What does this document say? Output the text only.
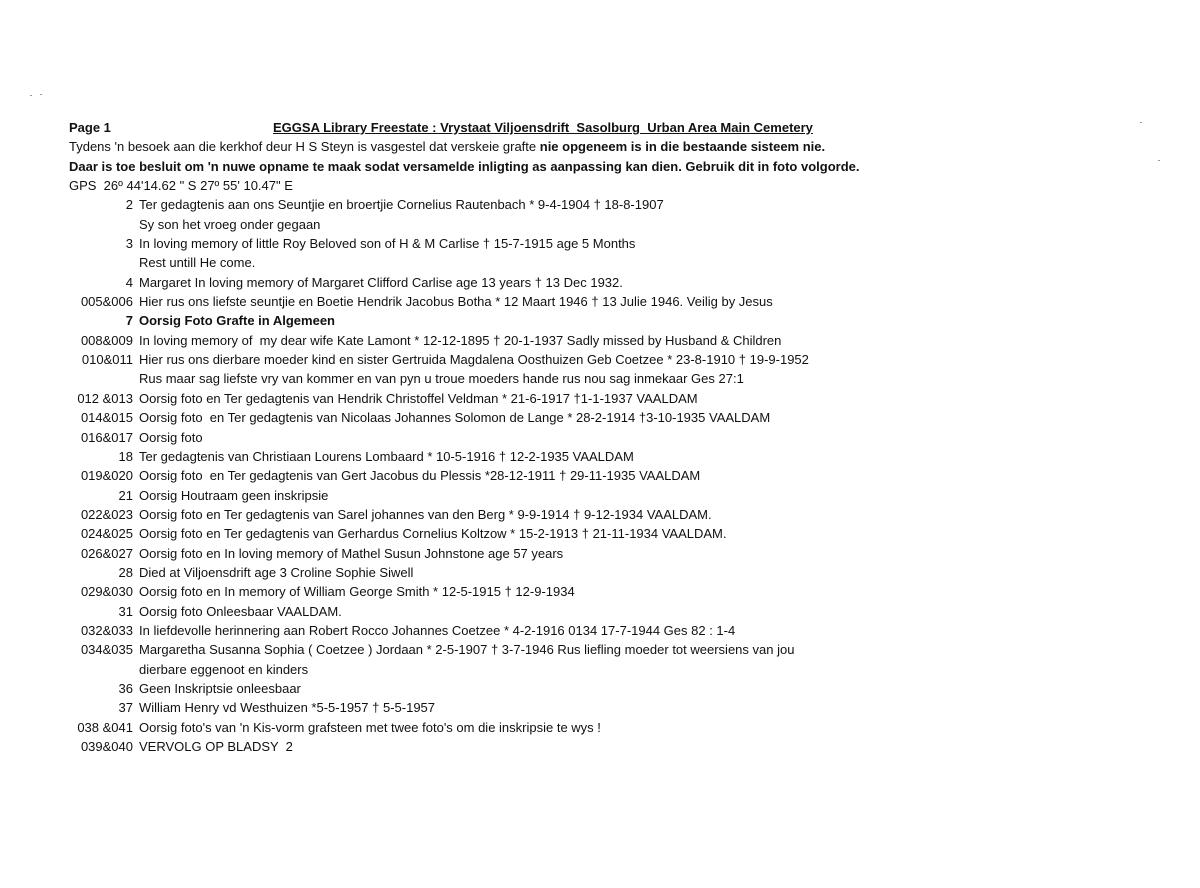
Page 1	EGGSA Library Freestate : Vrystaat Viljoensdrift  Sasolburg  Urban Area Main Cemetery
Tydens 'n besoek aan die kerkhof deur H S Steyn is vasgestel dat verskeie grafte nie opgeneem is in die bestaande sisteem nie.
Daar is toe besluit om 'n nuwe opname te maak sodat versamelde inligting as aanpassing kan dien. Gebruik dit in foto volgorde.
GPS  26º 44'14.62 " S 27º 55' 10.47" E
2 Ter gedagtenis aan ons Seuntjie en broertjie Cornelius Rautenbach * 9-4-1904 † 18-8-1907
Sy son het vroeg onder gegaan
3 In loving memory of little Roy Beloved son of H & M Carlise † 15-7-1915 age 5 Months
Rest untill He come.
4 Margaret In loving memory of Margaret Clifford Carlise age 13 years † 13 Dec 1932.
005&006 Hier rus ons liefste seuntjie en Boetie Hendrik Jacobus Botha * 12 Maart 1946 † 13 Julie 1946. Veilig by Jesus
7 Oorsig Foto Grafte in Algemeen
008&009 In loving memory of  my dear wife Kate Lamont * 12-12-1895 † 20-1-1937 Sadly missed by Husband & Children
010&011 Hier rus ons dierbare moeder kind en sister Gertruida Magdalena Oosthuizen Geb Coetzee * 23-8-1910 † 19-9-1952
Rus maar sag liefste vry van kommer en van pyn u troue moeders hande rus nou sag inmekaar Ges 27:1
012 &013 Oorsig foto en Ter gedagtenis van Hendrik Christoffel Veldman * 21-6-1917 †1-1-1937 VAALDAM
014&015 Oorsig foto  en Ter gedagtenis van Nicolaas Johannes Solomon de Lange * 28-2-1914 †3-10-1935 VAALDAM
016&017 Oorsig foto
18 Ter gedagtenis van Christiaan Lourens Lombaard * 10-5-1916 † 12-2-1935 VAALDAM
019&020 Oorsig foto  en Ter gedagtenis van Gert Jacobus du Plessis *28-12-1911 † 29-11-1935 VAALDAM
21 Oorsig Houtraam geen inskripsie
022&023 Oorsig foto en Ter gedagtenis van Sarel johannes van den Berg * 9-9-1914 † 9-12-1934 VAALDAM.
024&025 Oorsig foto en Ter gedagtenis van Gerhardus Cornelius Koltzow * 15-2-1913 † 21-11-1934 VAALDAM.
026&027 Oorsig foto en In loving memory of Mathel Susun Johnstone age 57 years
28 Died at Viljoensdrift age 3 Croline Sophie Siwell
029&030 Oorsig foto en In memory of William George Smith * 12-5-1915 † 12-9-1934
31 Oorsig foto Onleesbaar VAALDAM.
032&033 In liefdevolle herinnering aan Robert Rocco Johannes Coetzee * 4-2-1916 0134 17-7-1944 Ges 82 : 1-4
034&035 Margaretha Susanna Sophia ( Coetzee ) Jordaan * 2-5-1907 † 3-7-1946 Rus liefling moeder tot weersiens van jou
dierbare eggenoot en kinders
36 Geen Inskriptsie onleesbaar
37 William Henry vd Westhuizen *5-5-1957 † 5-5-1957
038 &041 Oorsig foto's van 'n Kis-vorm grafsteen met twee foto's om die inskripsie te wys !
039&040 VERVOLG OP BLADSY  2
